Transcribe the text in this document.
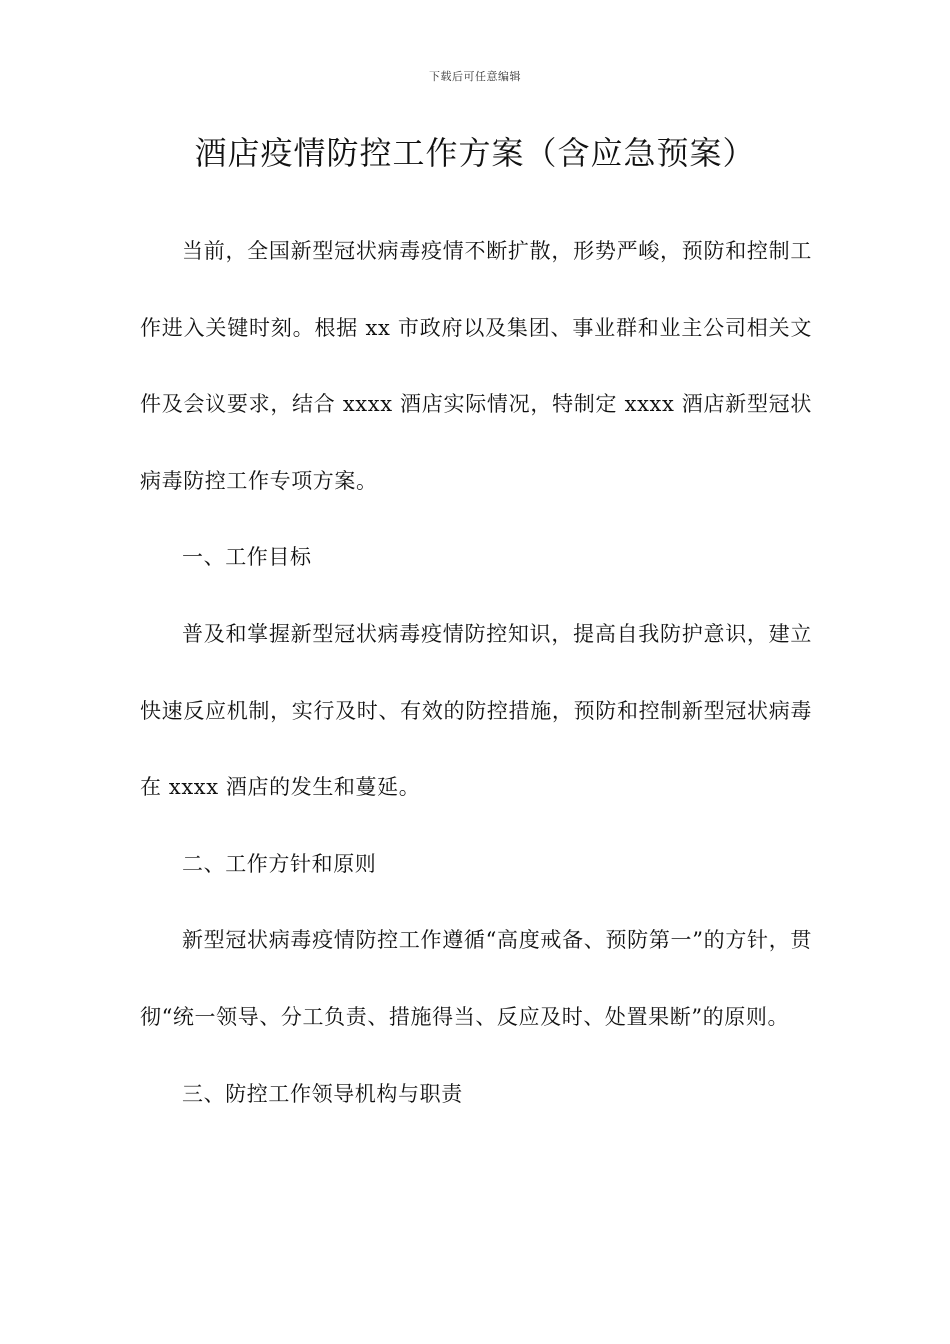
下载后可任意编辑
酒店疫情防控工作方案（含应急预案）

当前，全国新型冠状病毒疫情不断扩散，形势严峻，预防和控制工作进入关键时刻。根据 xx 市政府以及集团、事业群和业主公司相关文件及会议要求，结合 xxxx 酒店实际情况，特制定 xxxx 酒店新型冠状病毒防控工作专项方案。

一、工作目标

普及和掌握新型冠状病毒疫情防控知识，提高自我防护意识，建立快速反应机制，实行及时、有效的防控措施，预防和控制新型冠状病毒在 xxxx 酒店的发生和蔓延。

二、工作方针和原则

新型冠状病毒疫情防控工作遵循“高度戒备、预防第一”的方针，贯彻“统一领导、分工负责、措施得当、反应及时、处置果断”的原则。

三、防控工作领导机构与职责
